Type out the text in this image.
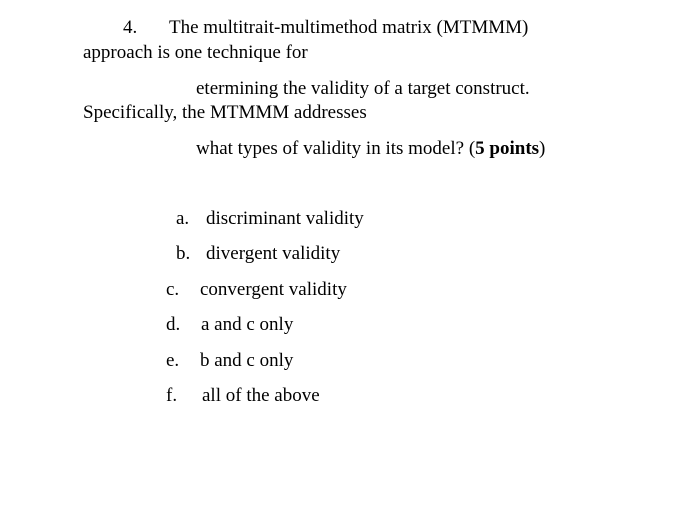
4. The multitrait-multimethod matrix (MTMMM)
approach is one technique for
etermining the validity of a target construct.
Specifically, the MTMMM addresses
what types of validity in its model? (5 points)
a. discriminant validity
b. divergent validity
c. convergent validity
d. a and c only
e. b and c only
f. all of the above
